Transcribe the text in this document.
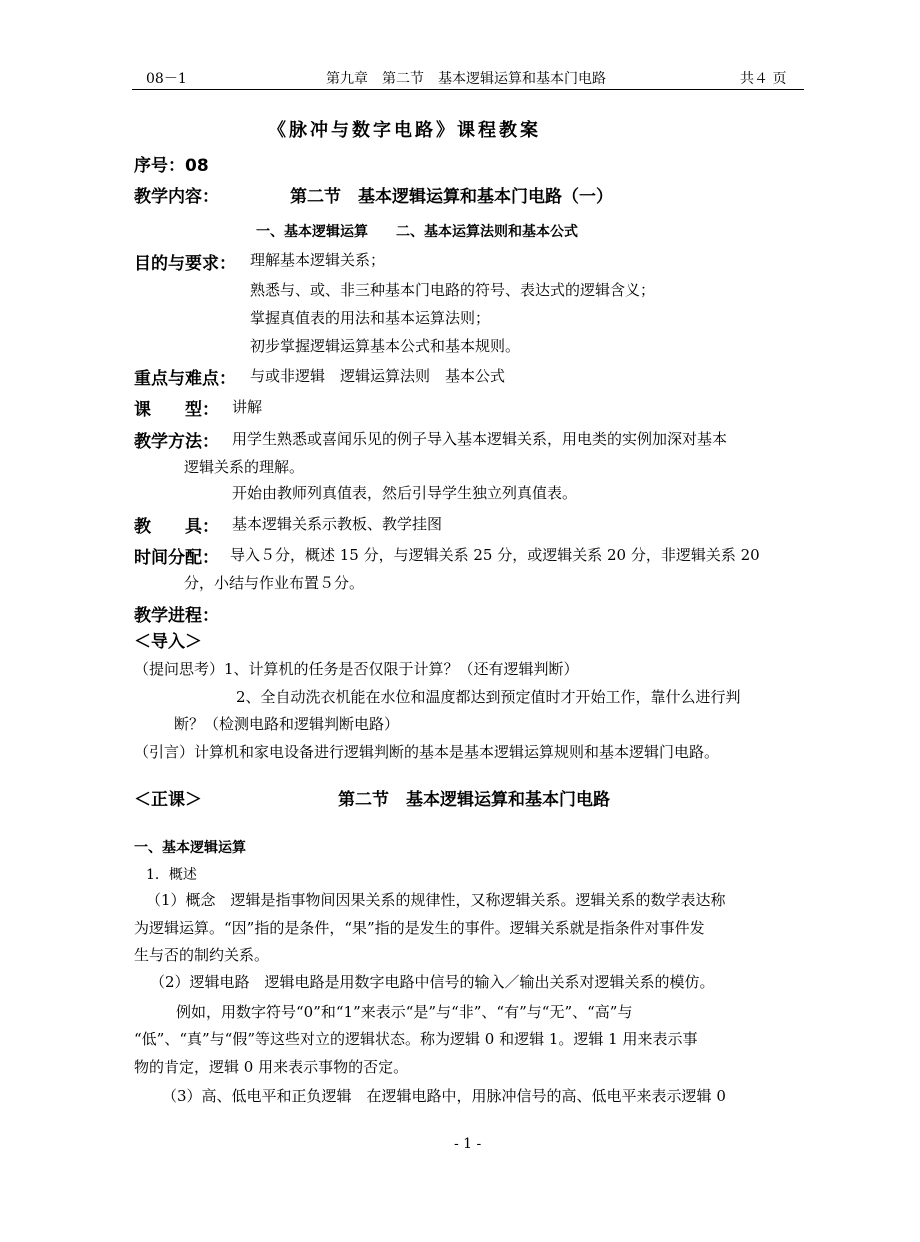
08－1	第九章　第二节　基本逻辑运算和基本门电路	共４ 页
《脉冲与数字电路》课程教案
序号：08
教学内容：	第二节　基本逻辑运算和基本门电路（一）
一、基本逻辑运算　　二、基本运算法则和基本公式
目的与要求： 理解基本逻辑关系；
熟悉与、或、非三种基本门电路的符号、表达式的逻辑含义；
掌握真值表的用法和基本运算法则；
初步掌握逻辑运算基本公式和基本规则。
重点与难点： 与或非逻辑　逻辑运算法则　基本公式
课　　型： 讲解
教学方法： 用学生熟悉或喜闻乐见的例子导入基本逻辑关系，用电类的实例加深对基本
逻辑关系的理解。
开始由教师列真值表，然后引导学生独立列真值表。
教　　具： 基本逻辑关系示教板、教学挂图
时间分配： 导入５分，概述 15 分，与逻辑关系 25 分，或逻辑关系 20 分，非逻辑关系 20
分，小结与作业布置５分。
教学进程：
＜导入＞
（提问思考）1、计算机的任务是否仅限于计算？（还有逻辑判断）
2、全自动洗衣机能在水位和温度都达到预定值时才开始工作，靠什么进行判
断？（检测电路和逻辑判断电路）
（引言）计算机和家电设备进行逻辑判断的基本是基本逻辑运算规则和基本逻辑门电路。
＜正课＞	第二节　基本逻辑运算和基本门电路
一、基本逻辑运算
1．概述
（1）概念　逻辑是指事物间因果关系的规律性，又称逻辑关系。逻辑关系的数学表达称
为逻辑运算。“因”指的是条件，“果”指的是发生的事件。逻辑关系就是指条件对事件发
生与否的制约关系。
（2）逻辑电路　逻辑电路是用数字电路中信号的输入／输出关系对逻辑关系的模仿。
例如，用数字符号“0”和“1”来表示“是”与“非”、“有”与“无”、“高”与
“低”、“真”与“假”等这些对立的逻辑状态。称为逻辑 0 和逻辑 1。逻辑 1 用来表示事
物的肯定，逻辑 0 用来表示事物的否定。
（3）高、低电平和正负逻辑　在逻辑电路中，用脉冲信号的高、低电平来表示逻辑 0
- 1 -
